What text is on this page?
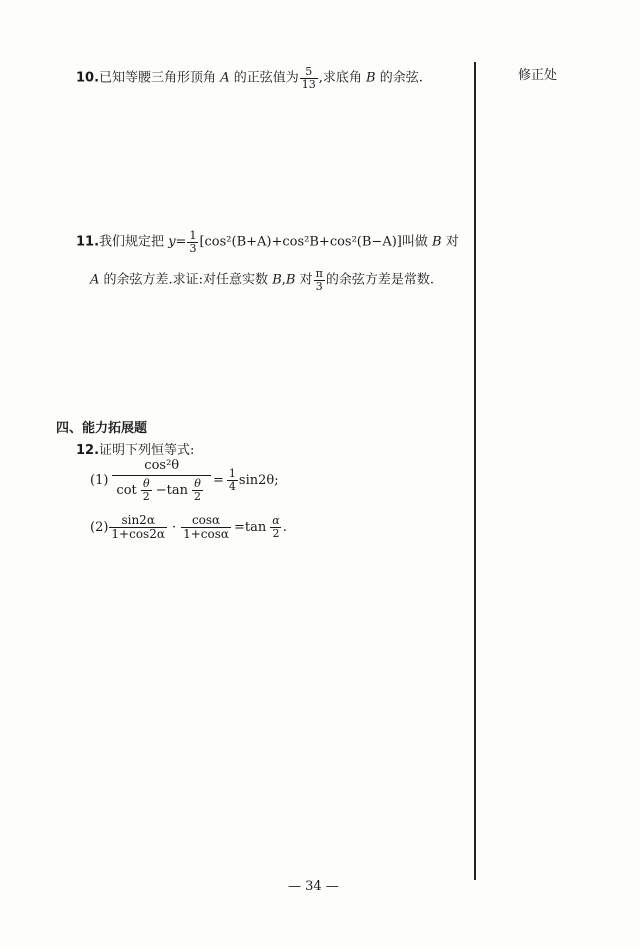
修正处
10.已知等腰三角形顶角 A 的正弦值为 $\frac{5}{13}$ ,求底角 B 的余弦.
11.我们规定把 $y= \frac{1}{3} [\cos^2(B+A)+\cos^2B+\cos^2(B-A)]$叫做 B 对
A 的余弦方差.求证:对任意实数 B,B 对 $\frac{\pi}{3}$ 的余弦方差是常数.
四、能力拓展题
12.证明下列恒等式:
$(1) \frac{\text{cos²θ}}{\cot \frac{\theta}{2} -\tan \frac{\theta}{2}} = \frac{1}{4} \sin 2\theta$;
$(2) \frac{\sin 2\alpha}{1+\cos 2\alpha} \cdot \frac{\cos\alpha}{1+\cos\alpha} =\tan \frac{\alpha}{2}$ .
— 34 —
